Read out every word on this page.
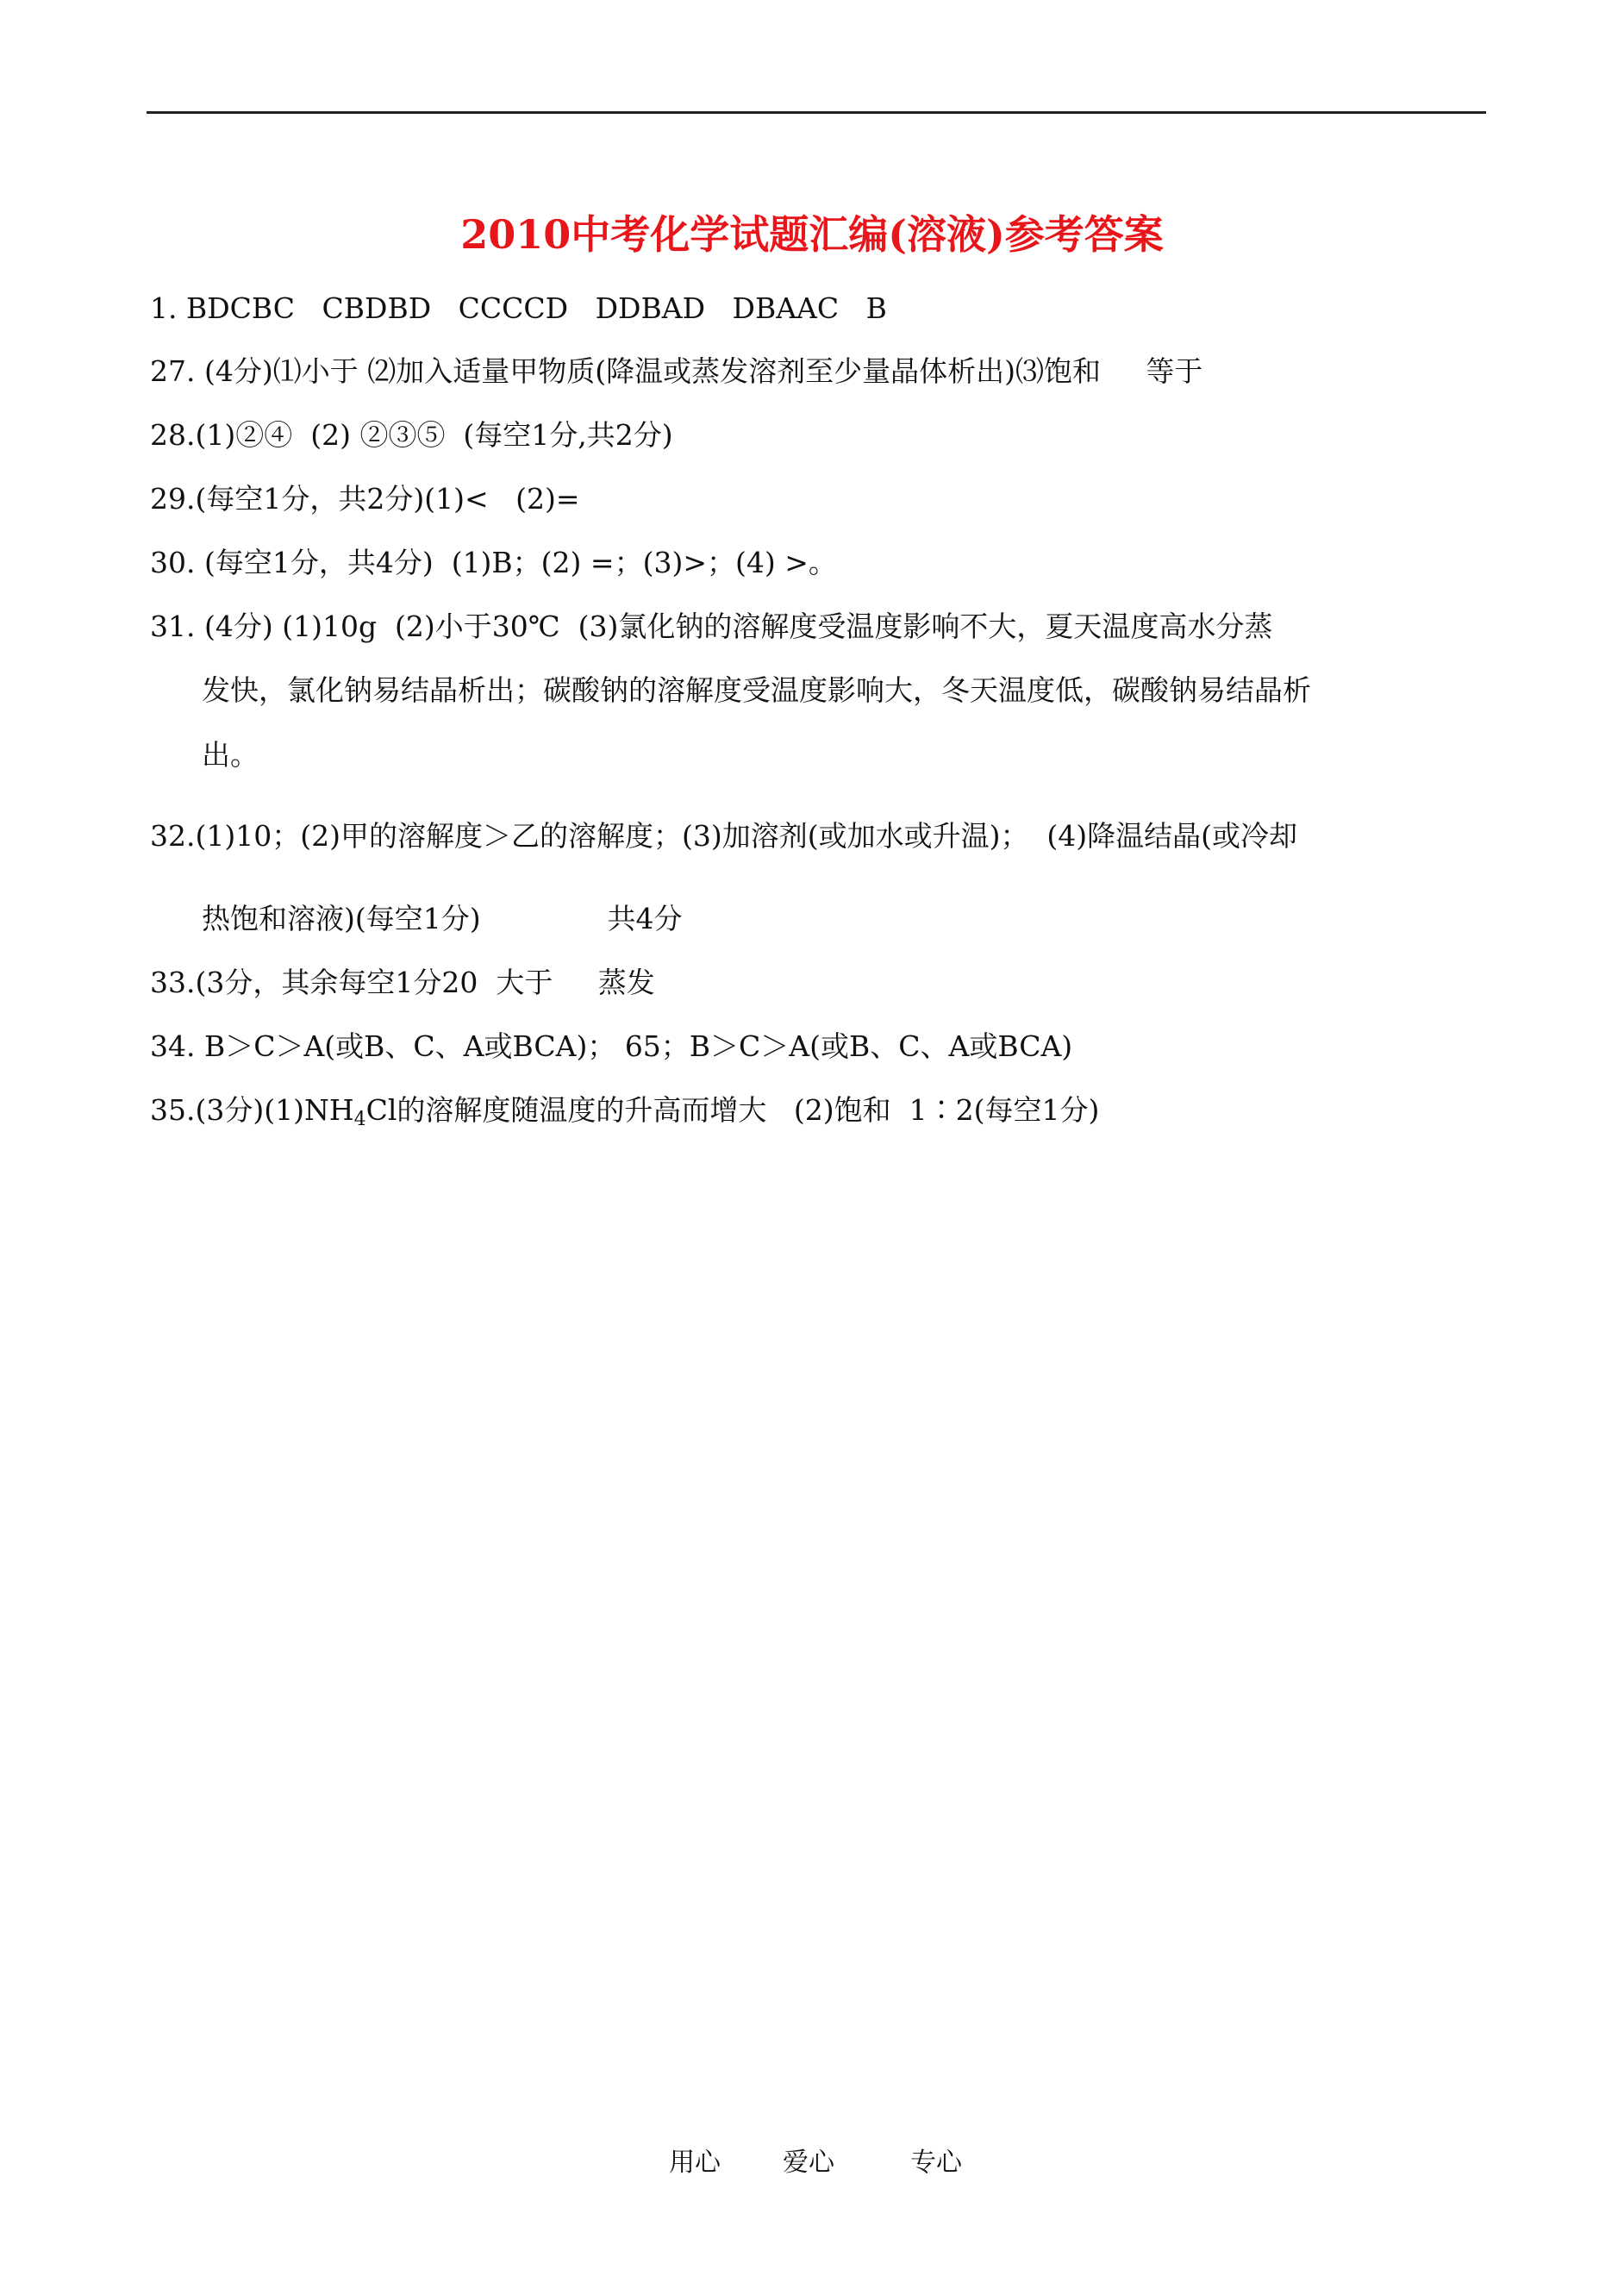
2010中考化学试题汇编(溶液)参考答案
1. BDCBC   CBDBD   CCCCD   DDBAD   DBAAC   B
27. (4分)⑴小于 ⑵加入适量甲物质(降温或蒸发溶剂至少量晶体析出)⑶饱和     等于
28.(1)②④  (2) ②③⑤  (每空1分,共2分)
29.(每空1分，共2分)(1)<   (2)=
30. (每空1分，共4分)  (1)B；(2) =；(3)>；(4) >。
31. (4分) (1)10g  (2)小于30℃  (3)氯化钠的溶解度受温度影响不大，夏天温度高水分蒸
发快，氯化钠易结晶析出；碳酸钠的溶解度受温度影响大，冬天温度低，碳酸钠易结晶析
出。
32.(1)10；(2)甲的溶解度＞乙的溶解度；(3)加溶剂(或加水或升温)；  (4)降温结晶(或冷却
热饱和溶液)(每空1分)              共4分
33.(3分，其余每空1分20  大于     蒸发
34. B＞C＞A(或B、C、A或BCA)； 65；B＞C＞A(或B、C、A或BCA)
35.(3分)$(1)NH_4Cl$的溶解度随温度的升高而增大   (2)饱和  1∶2(每空1分)
用心 爱心	专心
